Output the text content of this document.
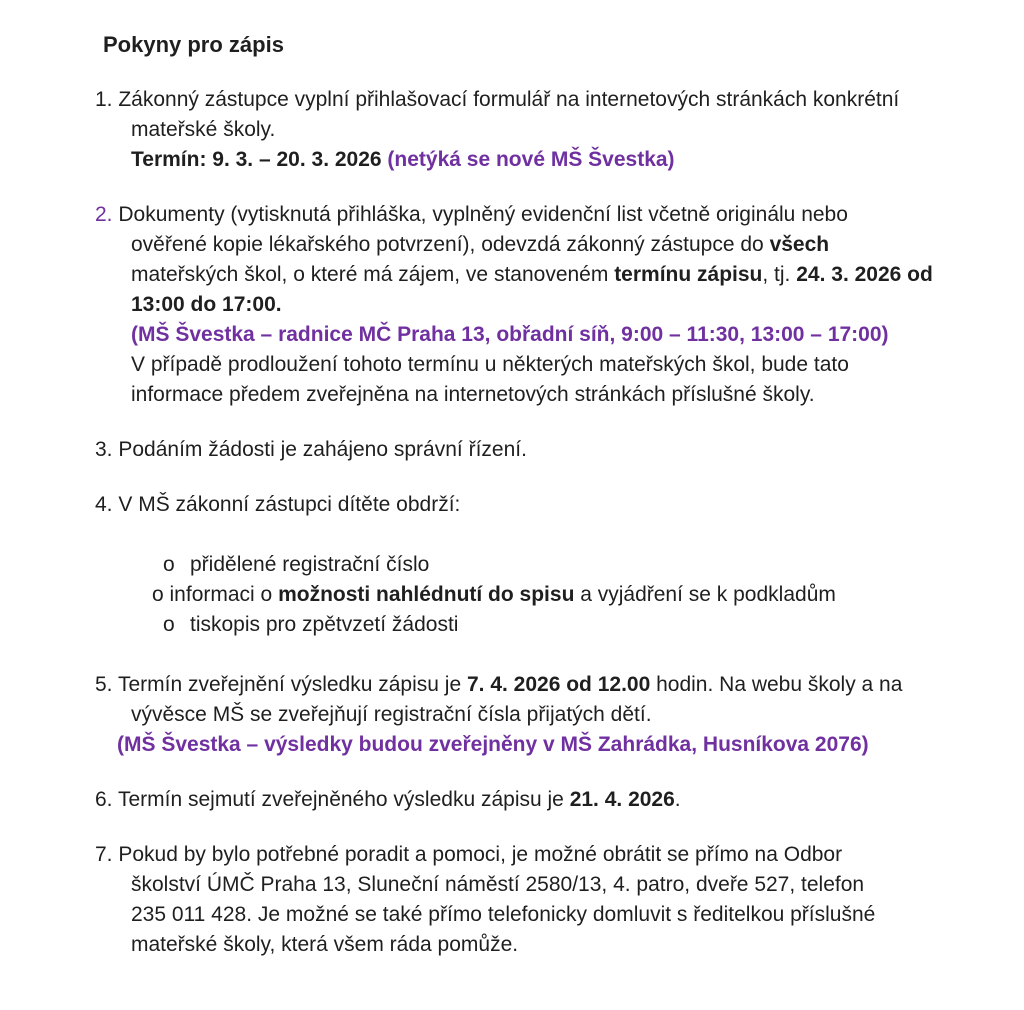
Pokyny pro zápis
1. Zákonný zástupce vyplní přihlašovací formulář na internetových stránkách konkrétní
mateřské školy.
Termín: 9. 3. – 20. 3. 2026 (netýká se nové MŠ Švestka)
2. Dokumenty (vytisknutá přihláška, vyplněný evidenční list včetně originálu nebo
ověřené kopie lékařského potvrzení), odevzdá zákonný zástupce do všech
mateřských škol, o které má zájem, ve stanoveném termínu zápisu, tj. 24. 3. 2026 od
13:00 do 17:00.
(MŠ Švestka – radnice MČ Praha 13, obřadní síň, 9:00 – 11:30, 13:00 – 17:00)
V případě prodloužení tohoto termínu u některých mateřských škol, bude tato
informace předem zveřejněna na internetových stránkách příslušné školy.
3. Podáním žádosti je zahájeno správní řízení.
4. V MŠ zákonní zástupci dítěte obdrží:
o přidělené registrační číslo
o informaci o možnosti nahlédnutí do spisu a vyjádření se k podkladům
o tiskopis pro zpětvzetí žádosti
5. Termín zveřejnění výsledku zápisu je 7. 4. 2026 od 12.00 hodin. Na webu školy a na
vývěsce MŠ se zveřejňují registrační čísla přijatých dětí.
(MŠ Švestka – výsledky budou zveřejněny v MŠ Zahrádka, Husníkova 2076)
6. Termín sejmutí zveřejněného výsledku zápisu je 21. 4. 2026.
7. Pokud by bylo potřebné poradit a pomoci, je možné obrátit se přímo na Odbor
školství ÚMČ Praha 13, Sluneční náměstí 2580/13, 4. patro, dveře 527, telefon
235 011 428. Je možné se také přímo telefonicky domluvit s ředitelkou příslušné
mateřské školy, která všem ráda pomůže.
